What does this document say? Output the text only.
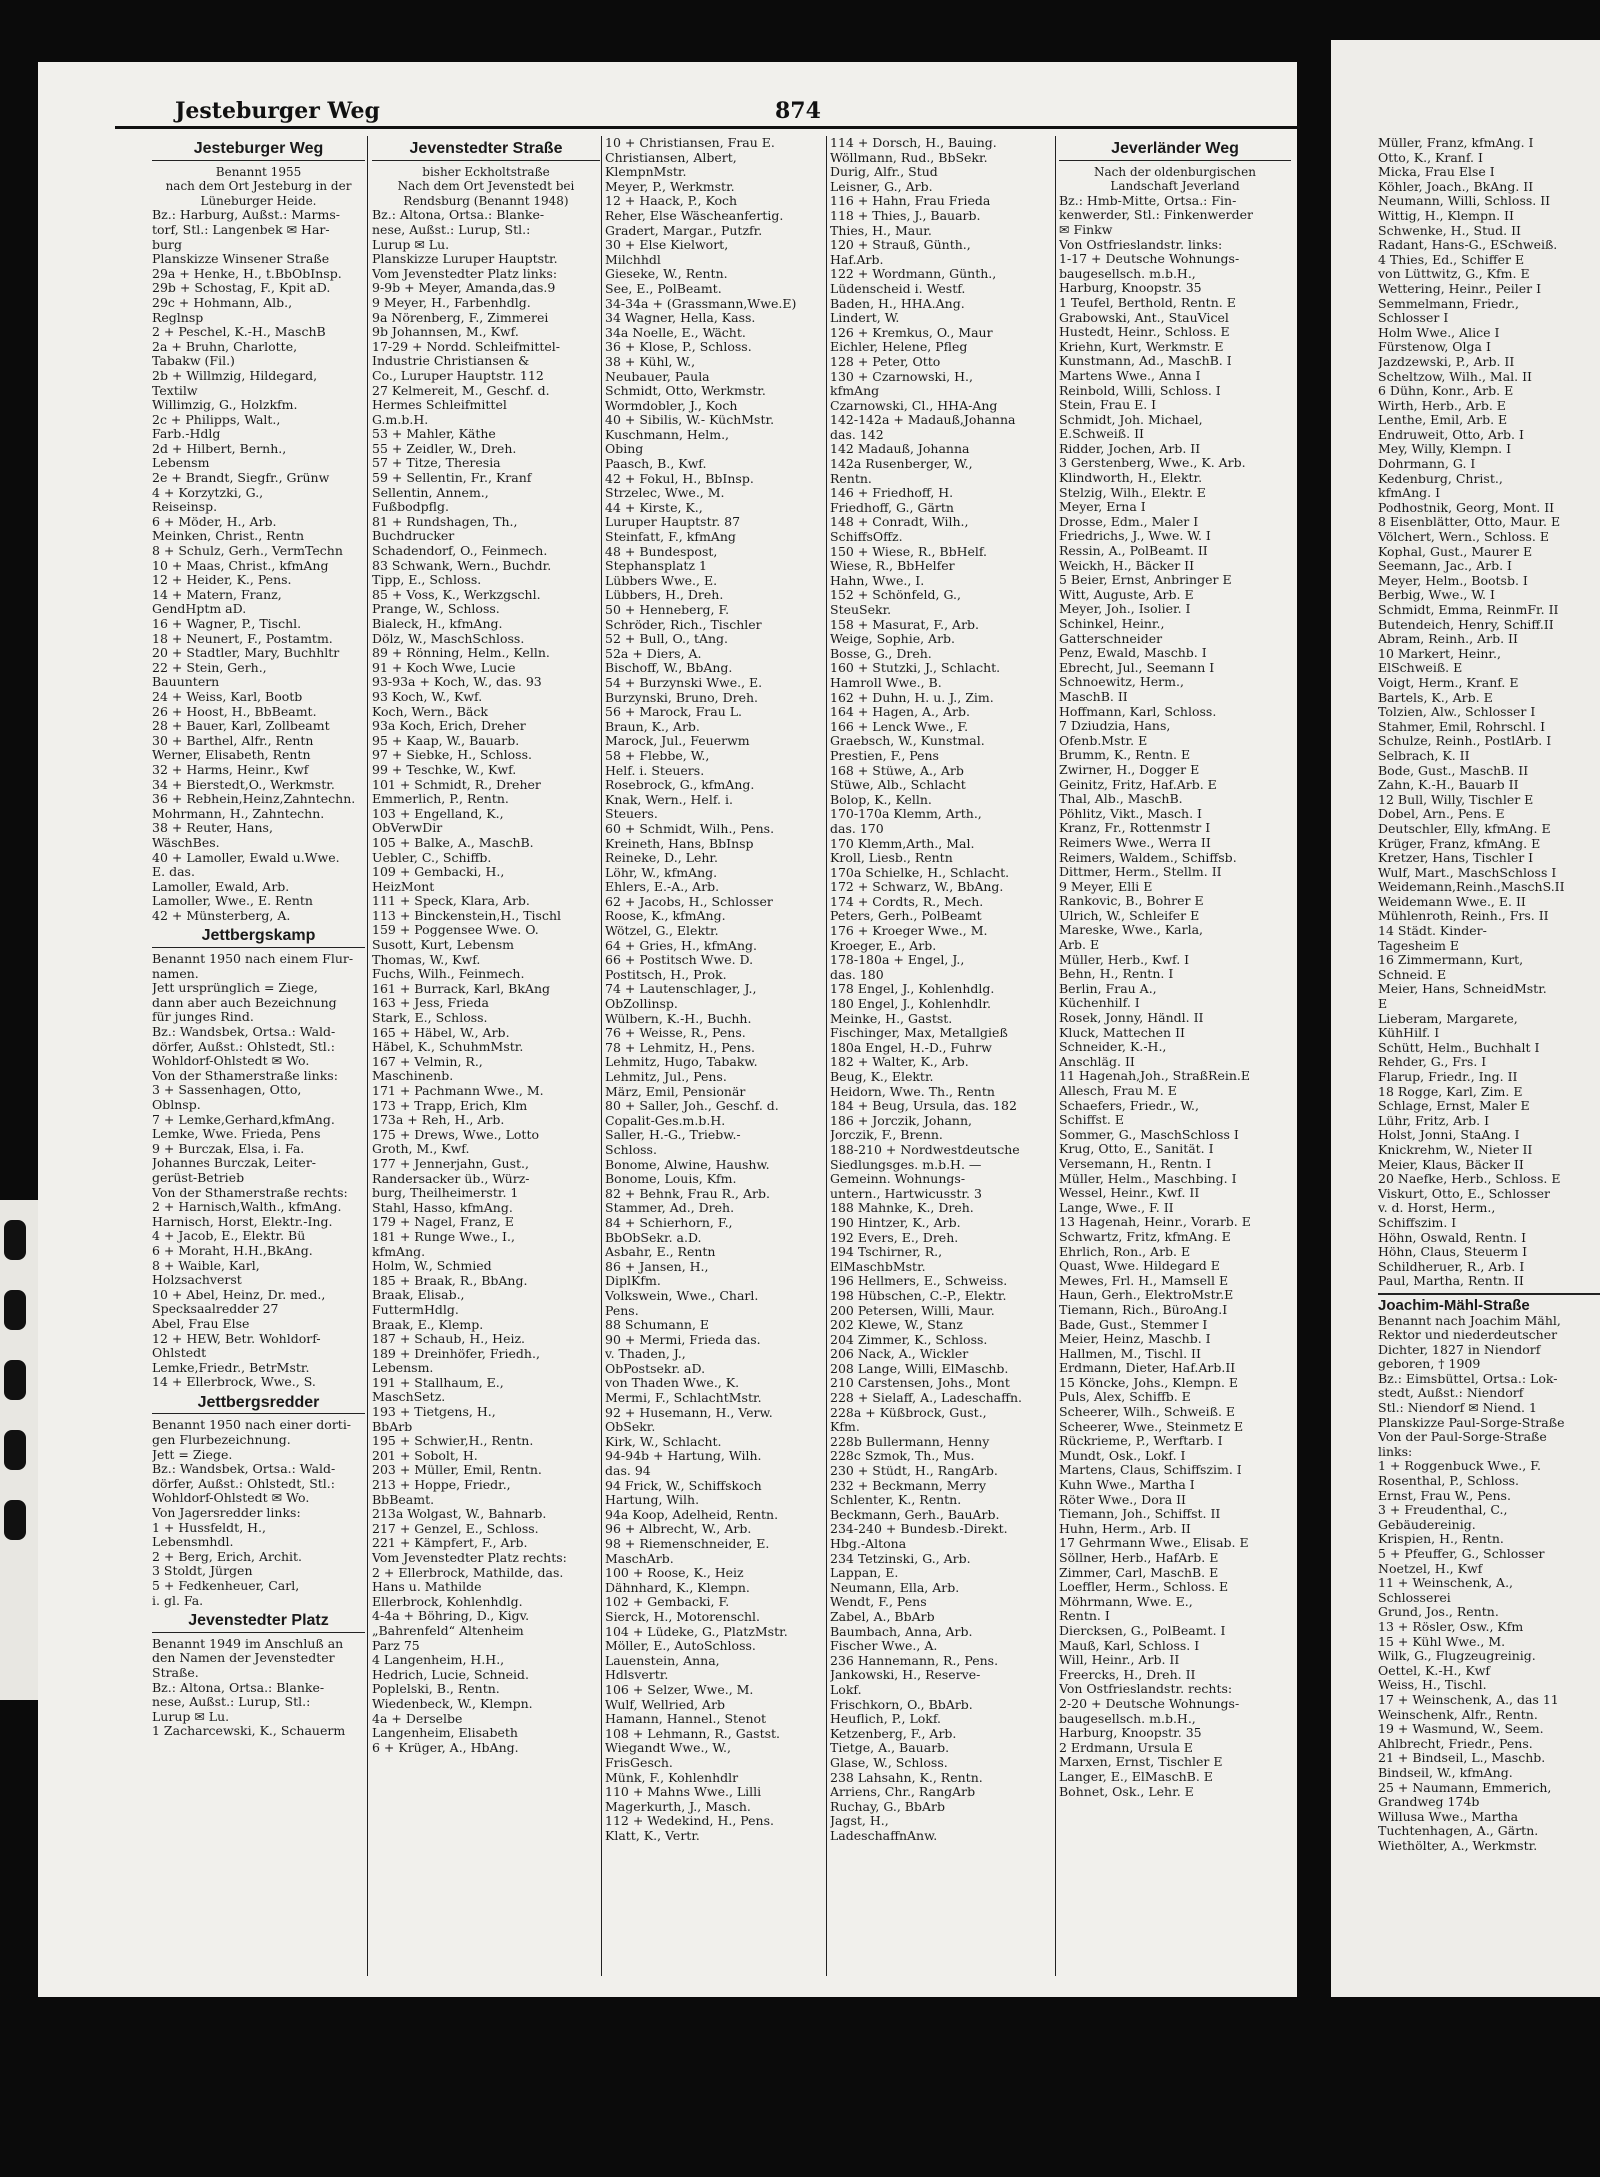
Jesteburger Weg	874
Jesteburger Weg
Benannt 1955
nach dem Ort Jesteburg in der
Lüneburger Heide.
Bz.: Harburg, Außst.: Marms-
torf, Stl.: Langenbek ✉ Har-
burg
Planskizze Winsener Straße
29a + Henke, H., t.BbObInsp.
29b + Schostag, F., Kpit aD.
29c + Hohmann, Alb.,
Reglnsp
2 + Peschel, K.-H., MaschB
2a + Bruhn, Charlotte,
Tabakw (Fil.)
2b + Willmzig, Hildegard,
Textilw
Willimzig, G., Holzkfm.
2c + Philipps, Walt.,
Farb.-Hdlg
2d + Hilbert, Bernh.,
Lebensm
2e + Brandt, Siegfr., Grünw
4 + Korzytzki, G.,
Reiseinsp.
6 + Möder, H., Arb.
Meinken, Christ., Rentn
8 + Schulz, Gerh., VermTechn
10 + Maas, Christ., kfmAng
12 + Heider, K., Pens.
14 + Matern, Franz,
GendHptm aD.
16 + Wagner, P., Tischl.
18 + Neunert, F., Postamtm.
20 + Stadtler, Mary, Buchhltr
22 + Stein, Gerh.,
Bauuntern
24 + Weiss, Karl, Bootb
26 + Hoost, H., BbBeamt.
28 + Bauer, Karl, Zollbeamt
30 + Barthel, Alfr., Rentn
Werner, Elisabeth, Rentn
32 + Harms, Heinr., Kwf
34 + Bierstedt,O., Werkmstr.
36 + Rebhein,Heinz,Zahntechn.
Mohrmann, H., Zahntechn.
38 + Reuter, Hans,
WäschBes.
40 + Lamoller, Ewald u.Wwe.
E. das.
Lamoller, Ewald, Arb.
Lamoller, Wwe., E. Rentn
42 + Münsterberg, A.
Jettbergskamp
Benannt 1950 nach einem Flur-
namen.
Jett ursprünglich = Ziege,
dann aber auch Bezeichnung
für junges Rind.
Bz.: Wandsbek, Ortsa.: Wald-
dörfer, Außst.: Ohlstedt, Stl.:
Wohldorf-Ohlstedt ✉ Wo.
Von der Sthamerstraße links:
3 + Sassenhagen, Otto,
Oblnsp.
7 + Lemke,Gerhard,kfmAng.
Lemke, Wwe. Frieda, Pens
9 + Burczak, Elsa, i. Fa.
Johannes Burczak, Leiter-
gerüst-Betrieb
Von der Sthamerstraße rechts:
2 + Harnisch,Walth., kfmAng.
Harnisch, Horst, Elektr.-Ing.
4 + Jacob, E., Elektr. Bü
6 + Moraht, H.H.,BkAng.
8 + Waible, Karl,
Holzsachverst
10 + Abel, Heinz, Dr. med.,
Specksaalredder 27
Abel, Frau Else
12 + HEW, Betr. Wohldorf-
Ohlstedt
Lemke,Friedr., BetrMstr.
14 + Ellerbrock, Wwe., S.
Jettbergsredder
Benannt 1950 nach einer dorti-
gen Flurbezeichnung.
Jett = Ziege.
Bz.: Wandsbek, Ortsa.: Wald-
dörfer, Außst.: Ohlstedt, Stl.:
Wohldorf-Ohlstedt ✉ Wo.
Von Jagersredder links:
1 + Hussfeldt, H.,
Lebensmhdl.
2 + Berg, Erich, Archit.
3 Stoldt, Jürgen
5 + Fedkenheuer, Carl,
i. gl. Fa.
Jevenstedter Platz
Benannt 1949 im Anschluß an
den Namen der Jevenstedter
Straße.
Bz.: Altona, Ortsa.: Blanke-
nese, Außst.: Lurup, Stl.:
Lurup ✉ Lu.
1 Zacharcewski, K., Schauerm
Jevenstedter Straße
bisher Eckholtstraße
Nach dem Ort Jevenstedt bei
Rendsburg (Benannt 1948)
Bz.: Altona, Ortsa.: Blanke-
nese, Außst.: Lurup, Stl.:
Lurup ✉ Lu.
Planskizze Luruper Hauptstr.
Vom Jevenstedter Platz links:
9-9b + Meyer, Amanda,das.9
9 Meyer, H., Farbenhdlg.
9a Nörenberg, F., Zimmerei
9b Johannsen, M., Kwf.
17-29 + Nordd. Schleifmittel-
Industrie Christiansen &
Co., Luruper Hauptstr. 112
27 Kelmereit, M., Geschf. d.
Hermes Schleifmittel
G.m.b.H.
53 + Mahler, Käthe
55 + Zeidler, W., Dreh.
57 + Titze, Theresia
59 + Sellentin, Fr., Kranf
Sellentin, Annem.,
Fußbodpflg.
81 + Rundshagen, Th.,
Buchdrucker
Schadendorf, O., Feinmech.
83 Schwank, Wern., Buchdr.
Tipp, E., Schloss.
85 + Voss, K., Werkzgschl.
Prange, W., Schloss.
Bialeck, H., kfmAng.
Dölz, W., MaschSchloss.
89 + Rönning, Helm., Kelln.
91 + Koch Wwe, Lucie
93-93a + Koch, W., das. 93
93 Koch, W., Kwf.
Koch, Wern., Bäck
93a Koch, Erich, Dreher
95 + Kaap, W., Bauarb.
97 + Siebke, H., Schloss.
99 + Teschke, W., Kwf.
101 + Schmidt, R., Dreher
Emmerlich, P., Rentn.
103 + Engelland, K.,
ObVerwDir
105 + Balke, A., MaschB.
Uebler, C., Schiffb.
109 + Gembacki, H.,
HeizMont
111 + Speck, Klara, Arb.
113 + Binckenstein,H., Tischl
159 + Poggensee Wwe. O.
Susott, Kurt, Lebensm
Thomas, W., Kwf.
Fuchs, Wilh., Feinmech.
161 + Burrack, Karl, BkAng
163 + Jess, Frieda
Stark, E., Schloss.
165 + Häbel, W., Arb.
Häbel, K., SchuhmMstr.
167 + Velmin, R.,
Maschinenb.
171 + Pachmann Wwe., M.
173 + Trapp, Erich, Klm
173a + Reh, H., Arb.
175 + Drews, Wwe., Lotto
Groth, M., Kwf.
177 + Jennerjahn, Gust.,
Randersacker üb., Würz-
burg, Theilheimerstr. 1
Stahl, Hasso, kfmAng.
179 + Nagel, Franz, E
181 + Runge Wwe., I.,
kfmAng.
Holm, W., Schmied
185 + Braak, R., BbAng.
Braak, Elisab.,
FuttermHdlg.
Braak, E., Klemp.
187 + Schaub, H., Heiz.
189 + Dreinhöfer, Friedh.,
Lebensm.
191 + Stallhaum, E.,
MaschSetz.
193 + Tietgens, H.,
BbArb
195 + Schwier,H., Rentn.
201 + Sobolt, H.
203 + Müller, Emil, Rentn.
213 + Hoppe, Friedr.,
BbBeamt.
213a Wolgast, W., Bahnarb.
217 + Genzel, E., Schloss.
221 + Kämpfert, F., Arb.
Vom Jevenstedter Platz rechts:
2 + Ellerbrock, Mathilde, das.
Hans u. Mathilde
Ellerbrock, Kohlenhdlg.
4-4a + Böhring, D., Kigv.
„Bahrenfeld“ Altenheim
Parz 75
4 Langenheim, H.H.,
Hedrich, Lucie, Schneid.
Poplelski, B., Rentn.
Wiedenbeck, W., Klempn.
4a + Derselbe
Langenheim, Elisabeth
6 + Krüger, A., HbAng.
10 + Christiansen, Frau E.
Christiansen, Albert,
KlempnMstr.
Meyer, P., Werkmstr.
12 + Haack, P., Koch
Reher, Else Wäscheanfertig.
Gradert, Margar., Putzfr.
30 + Else Kielwort,
Milchhdl
Gieseke, W., Rentn.
See, E., PolBeamt.
34-34a + (Grassmann,Wwe.E)
34 Wagner, Hella, Kass.
34a Noelle, E., Wächt.
36 + Klose, P., Schloss.
38 + Kühl, W.,
Neubauer, Paula
Schmidt, Otto, Werkmstr.
Wormdobler, J., Koch
40 + Sibilis, W.- KüchMstr.
Kuschmann, Helm.,
Obing
Paasch, B., Kwf.
42 + Fokul, H., BbInsp.
Strzelec, Wwe., M.
44 + Kirste, K.,
Luruper Hauptstr. 87
Steinfatt, F., kfmAng
48 + Bundespost,
Stephansplatz 1
Lübbers Wwe., E.
Lübbers, H., Dreh.
50 + Henneberg, F.
Schröder, Rich., Tischler
52 + Bull, O., tAng.
52a + Diers, A.
Bischoff, W., BbAng.
54 + Burzynski Wwe., E.
Burzynski, Bruno, Dreh.
56 + Marock, Frau L.
Braun, K., Arb.
Marock, Jul., Feuerwm
58 + Flebbe, W.,
Helf. i. Steuers.
Rosebrock, G., kfmAng.
Knak, Wern., Helf. i.
Steuers.
60 + Schmidt, Wilh., Pens.
Kreineth, Hans, BbInsp
Reineke, D., Lehr.
Löhr, W., kfmAng.
Ehlers, E.-A., Arb.
62 + Jacobs, H., Schlosser
Roose, K., kfmAng.
Wötzel, G., Elektr.
64 + Gries, H., kfmAng.
66 + Postitsch Wwe. D.
Postitsch, H., Prok.
74 + Lautenschlager, J.,
ObZollinsp.
Wülbern, K.-H., Buchh.
76 + Weisse, R., Pens.
78 + Lehmitz, H., Pens.
Lehmitz, Hugo, Tabakw.
Lehmitz, Jul., Pens.
März, Emil, Pensionär
80 + Saller, Joh., Geschf. d.
Copalit-Ges.m.b.H.
Saller, H.-G., Triebw.-
Schloss.
Bonome, Alwine, Haushw.
Bonome, Louis, Kfm.
82 + Behnk, Frau R., Arb.
Stammer, Ad., Dreh.
84 + Schierhorn, F.,
BbObSekr. a.D.
Asbahr, E., Rentn
86 + Jansen, H.,
DiplKfm.
Volkswein, Wwe., Charl.
Pens.
88 Schumann, E
90 + Mermi, Frieda das.
v. Thaden, J.,
ObPostsekr. aD.
von Thaden Wwe., K.
Mermi, F., SchlachtMstr.
92 + Husemann, H., Verw.
ObSekr.
Kirk, W., Schlacht.
94-94b + Hartung, Wilh.
das. 94
94 Frick, W., Schiffskoch
Hartung, Wilh.
94a Koop, Adelheid, Rentn.
96 + Albrecht, W., Arb.
98 + Riemenschneider, E.
MaschArb.
100 + Roose, K., Heiz
Dähnhard, K., Klempn.
102 + Gembacki, F.
Sierck, H., Motorenschl.
104 + Lüdeke, G., PlatzMstr.
Möller, E., AutoSchloss.
Lauenstein, Anna,
Hdlsvertr.
106 + Selzer, Wwe., M.
Wulf, Wellried, Arb
Hamann, Hannel., Stenot
108 + Lehmann, R., Gastst.
Wiegandt Wwe., W.,
FrisGesch.
Münk, F., Kohlenhdlr
110 + Mahns Wwe., Lilli
Magerkurth, J., Masch.
112 + Wedekind, H., Pens.
Klatt, K., Vertr.
114 + Dorsch, H., Bauing.
Wöllmann, Rud., BbSekr.
Durig, Alfr., Stud
Leisner, G., Arb.
116 + Hahn, Frau Frieda
118 + Thies, J., Bauarb.
Thies, H., Maur.
120 + Strauß, Günth.,
Haf.Arb.
122 + Wordmann, Günth.,
Lüdenscheid i. Westf.
Baden, H., HHA.Ang.
Lindert, W.
126 + Kremkus, O., Maur
Eichler, Helene, Pfleg
128 + Peter, Otto
130 + Czarnowski, H.,
kfmAng
Czarnowski, Cl., HHA-Ang
142-142a + Madauß,Johanna
das. 142
142 Madauß, Johanna
142a Rusenberger, W.,
Rentn.
146 + Friedhoff, H.
Friedhoff, G., Gärtn
148 + Conradt, Wilh.,
SchiffsOffz.
150 + Wiese, R., BbHelf.
Wiese, R., BbHelfer
Hahn, Wwe., I.
152 + Schönfeld, G.,
SteuSekr.
158 + Masurat, F., Arb.
Weige, Sophie, Arb.
Bosse, G., Dreh.
160 + Stutzki, J., Schlacht.
Hamroll Wwe., B.
162 + Duhn, H. u. J., Zim.
164 + Hagen, A., Arb.
166 + Lenck Wwe., F.
Graebsch, W., Kunstmal.
Prestien, F., Pens
168 + Stüwe, A., Arb
Stüwe, Alb., Schlacht
Bolop, K., Kelln.
170-170a Klemm, Arth.,
das. 170
170 Klemm,Arth., Mal.
Kroll, Liesb., Rentn
170a Schielke, H., Schlacht.
172 + Schwarz, W., BbAng.
174 + Cordts, R., Mech.
Peters, Gerh., PolBeamt
176 + Kroeger Wwe., M.
Kroeger, E., Arb.
178-180a + Engel, J.,
das. 180
178 Engel, J., Kohlenhdlg.
180 Engel, J., Kohlenhdlr.
Meinke, H., Gastst.
Fischinger, Max, Metallgieß
180a Engel, H.-D., Fuhrw
182 + Walter, K., Arb.
Beug, K., Elektr.
Heidorn, Wwe. Th., Rentn
184 + Beug, Ursula, das. 182
186 + Jorczik, Johann,
Jorczik, F., Brenn.
188-210 + Nordwestdeutsche
Siedlungsges. m.b.H. —
Gemeinn. Wohnungs-
untern., Hartwicusstr. 3
188 Mahnke, K., Dreh.
190 Hintzer, K., Arb.
192 Evers, E., Dreh.
194 Tschirner, R.,
ElMaschbMstr.
196 Hellmers, E., Schweiss.
198 Hübschen, C.-P., Elektr.
200 Petersen, Willi, Maur.
202 Klewe, W., Stanz
204 Zimmer, K., Schloss.
206 Nack, A., Wickler
208 Lange, Willi, ElMaschb.
210 Carstensen, Johs., Mont
228 + Sielaff, A., Ladeschaffn.
228a + Küßbrock, Gust.,
Kfm.
228b Bullermann, Henny
228c Szmok, Th., Mus.
230 + Stüdt, H., RangArb.
232 + Beckmann, Merry
Schlenter, K., Rentn.
Beckmann, Gerh., BauArb.
234-240 + Bundesb.-Direkt.
Hbg.-Altona
234 Tetzinski, G., Arb.
Lappan, E.
Neumann, Ella, Arb.
Wendt, F., Pens
Zabel, A., BbArb
Baumbach, Anna, Arb.
Fischer Wwe., A.
236 Hannemann, R., Pens.
Jankowski, H., Reserve-
Lokf.
Frischkorn, O., BbArb.
Heuflich, P., Lokf.
Ketzenberg, F., Arb.
Tietge, A., Bauarb.
Glase, W., Schloss.
238 Lahsahn, K., Rentn.
Arriens, Chr., RangArb
Ruchay, G., BbArb
Jagst, H.,
LadeschaffnAnw.
Jeverländer Weg
Nach der oldenburgischen
Landschaft Jeverland
Bz.: Hmb-Mitte, Ortsa.: Fin-
kenwerder, Stl.: Finkenwerder
✉ Finkw
Von Ostfrieslandstr. links:
1-17 + Deutsche Wohnungs-
baugesellsch. m.b.H.,
Harburg, Knoopstr. 35
1 Teufel, Berthold, Rentn. E
Grabowski, Ant., StauVicel
Hustedt, Heinr., Schloss. E
Kriehn, Kurt, Werkmstr. E
Kunstmann, Ad., MaschB. I
Martens Wwe., Anna I
Reinbold, Willi, Schloss. I
Stein, Frau E. I
Schmidt, Joh. Michael,
E.Schweiß. II
Ridder, Jochen, Arb. II
3 Gerstenberg, Wwe., K. Arb.
Klindworth, H., Elektr.
Stelzig, Wilh., Elektr. E
Meyer, Erna I
Drosse, Edm., Maler I
Friedrichs, J., Wwe. W. I
Ressin, A., PolBeamt. II
Weickh, H., Bäcker II
5 Beier, Ernst, Anbringer E
Witt, Auguste, Arb. E
Meyer, Joh., Isolier. I
Schinkel, Heinr.,
Gatterschneider
Penz, Ewald, Maschb. I
Ebrecht, Jul., Seemann I
Schnoewitz, Herm.,
MaschB. II
Hoffmann, Karl, Schloss.
7 Dziudzia, Hans,
Ofenb.Mstr. E
Brumm, K., Rentn. E
Zwirner, H., Dogger E
Geinitz, Fritz, Haf.Arb. E
Thal, Alb., MaschB.
Pöhlitz, Vikt., Masch. I
Kranz, Fr., Rottenmstr I
Reimers Wwe., Werra II
Reimers, Waldem., Schiffsb.
Dittmer, Herm., Stellm. II
9 Meyer, Elli E
Rankovic, B., Bohrer E
Ulrich, W., Schleifer E
Mareske, Wwe., Karla,
Arb. E
Müller, Herb., Kwf. I
Behn, H., Rentn. I
Berlin, Frau A.,
Küchenhilf. I
Rosek, Jonny, Händl. II
Kluck, Mattechen II
Schneider, K.-H.,
Anschläg. II
11 Hagenah,Joh., StraßRein.E
Allesch, Frau M. E
Schaefers, Friedr., W.,
Schiffst. E
Sommer, G., MaschSchloss I
Krug, Otto, E., Sanität. I
Versemann, H., Rentn. I
Müller, Helm., Maschbing. I
Wessel, Heinr., Kwf. II
Lange, Wwe., F. II
13 Hagenah, Heinr., Vorarb. E
Schwartz, Fritz, kfmAng. E
Ehrlich, Ron., Arb. E
Quast, Wwe. Hildegard E
Mewes, Frl. H., Mamsell E
Haun, Gerh., ElektroMstr.E
Tiemann, Rich., BüroAng.I
Bade, Gust., Stemmer I
Meier, Heinz, Maschb. I
Hallmen, M., Tischl. II
Erdmann, Dieter, Haf.Arb.II
15 Köncke, Johs., Klempn. E
Puls, Alex, Schiffb. E
Scheerer, Wilh., Schweiß. E
Scheerer, Wwe., Steinmetz E
Rückrieme, P., Werftarb. I
Mundt, Osk., Lokf. I
Martens, Claus, Schiffszim. I
Kuhn Wwe., Martha I
Röter Wwe., Dora II
Tiemann, Joh., Schiffst. II
Huhn, Herm., Arb. II
17 Gehrmann Wwe., Elisab. E
Söllner, Herb., HafArb. E
Zimmer, Carl, MaschB. E
Loeffler, Herm., Schloss. E
Möhrmann, Wwe. E.,
Rentn. I
Diercksen, G., PolBeamt. I
Mauß, Karl, Schloss. I
Will, Heinr., Arb. II
Freercks, H., Dreh. II
Von Ostfrieslandstr. rechts:
2-20 + Deutsche Wohnungs-
baugesellsch. m.b.H.,
Harburg, Knoopstr. 35
2 Erdmann, Ursula E
Marxen, Ernst, Tischler E
Langer, E., ElMaschB. E
Bohnet, Osk., Lehr. E
Müller, Franz, kfmAng. I
Otto, K., Kranf. I
Micka, Frau Else I
Köhler, Joach., BkAng. II
Neumann, Willi, Schloss. II
Wittig, H., Klempn. II
Schwenke, H., Stud. II
Radant, Hans-G., ESchweiß.
4 Thies, Ed., Schiffer E
von Lüttwitz, G., Kfm. E
Wettering, Heinr., Peiler I
Semmelmann, Friedr.,
Schlosser I
Holm Wwe., Alice I
Fürstenow, Olga I
Jazdzewski, P., Arb. II
Scheltzow, Wilh., Mal. II
6 Dühn, Konr., Arb. E
Wirth, Herb., Arb. E
Lenthe, Emil, Arb. E
Endruweit, Otto, Arb. I
Mey, Willy, Klempn. I
Dohrmann, G. I
Kedenburg, Christ.,
kfmAng. I
Podhostnik, Georg, Mont. II
8 Eisenblätter, Otto, Maur. E
Völchert, Wern., Schloss. E
Kophal, Gust., Maurer E
Seemann, Jac., Arb. I
Meyer, Helm., Bootsb. I
Berbig, Wwe., W. I
Schmidt, Emma, ReinmFr. II
Butendeich, Henry, Schiff.II
Abram, Reinh., Arb. II
10 Markert, Heinr.,
ElSchweiß. E
Voigt, Herm., Kranf. E
Bartels, K., Arb. E
Tolzien, Alw., Schlosser I
Stahmer, Emil, Rohrschl. I
Schulze, Reinh., PostlArb. I
Selbrach, K. II
Bode, Gust., MaschB. II
Zahn, K.-H., Bauarb II
12 Bull, Willy, Tischler E
Dobel, Arn., Pens. E
Deutschler, Elly, kfmAng. E
Krüger, Franz, kfmAng. E
Kretzer, Hans, Tischler I
Wulf, Mart., MaschSchloss I
Weidemann,Reinh.,MaschS.II
Weidemann Wwe., E. II
Mühlenroth, Reinh., Frs. II
14 Städt. Kinder-
Tagesheim E
16 Zimmermann, Kurt,
Schneid. E
Meier, Hans, SchneidMstr.
E
Lieberam, Margarete,
KühHilf. I
Schütt, Helm., Buchhalt I
Rehder, G., Frs. I
Flarup, Friedr., Ing. II
18 Rogge, Karl, Zim. E
Schlage, Ernst, Maler E
Lühr, Fritz, Arb. I
Holst, Jonni, StaAng. I
Knickrehm, W., Nieter II
Meier, Klaus, Bäcker II
20 Naefke, Herb., Schloss. E
Viskurt, Otto, E., Schlosser
v. d. Horst, Herm.,
Schiffszim. I
Höhn, Oswald, Rentn. I
Höhn, Claus, Steuerm I
Schildheruer, R., Arb. I
Paul, Martha, Rentn. II
Joachim-Mähl-Straße
Benannt nach Joachim Mähl,
Rektor und niederdeutscher
Dichter, 1827 in Niendorf
geboren, † 1909
Bz.: Eimsbüttel, Ortsa.: Lok-
stedt, Außst.: Niendorf
Stl.: Niendorf ✉ Niend. 1
Planskizze Paul-Sorge-Straße
Von der Paul-Sorge-Straße
links:
1 + Roggenbuck Wwe., F.
Rosenthal, P., Schloss.
Ernst, Frau W., Pens.
3 + Freudenthal, C.,
Gebäudereinig.
Krispien, H., Rentn.
5 + Pfeuffer, G., Schlosser
Noetzel, H., Kwf
11 + Weinschenk, A.,
Schlosserei
Grund, Jos., Rentn.
13 + Rösler, Osw., Kfm
15 + Kühl Wwe., M.
Wilk, G., Flugzeugreinig.
Oettel, K.-H., Kwf
Weiss, H., Tischl.
17 + Weinschenk, A., das 11
Weinschenk, Alfr., Rentn.
19 + Wasmund, W., Seem.
Ahlbrecht, Friedr., Pens.
21 + Bindseil, L., Maschb.
Bindseil, W., kfmAng.
25 + Naumann, Emmerich,
Grandweg 174b
Willusa Wwe., Martha
Tuchtenhagen, A., Gärtn.
Wiethölter, A., Werkmstr.
